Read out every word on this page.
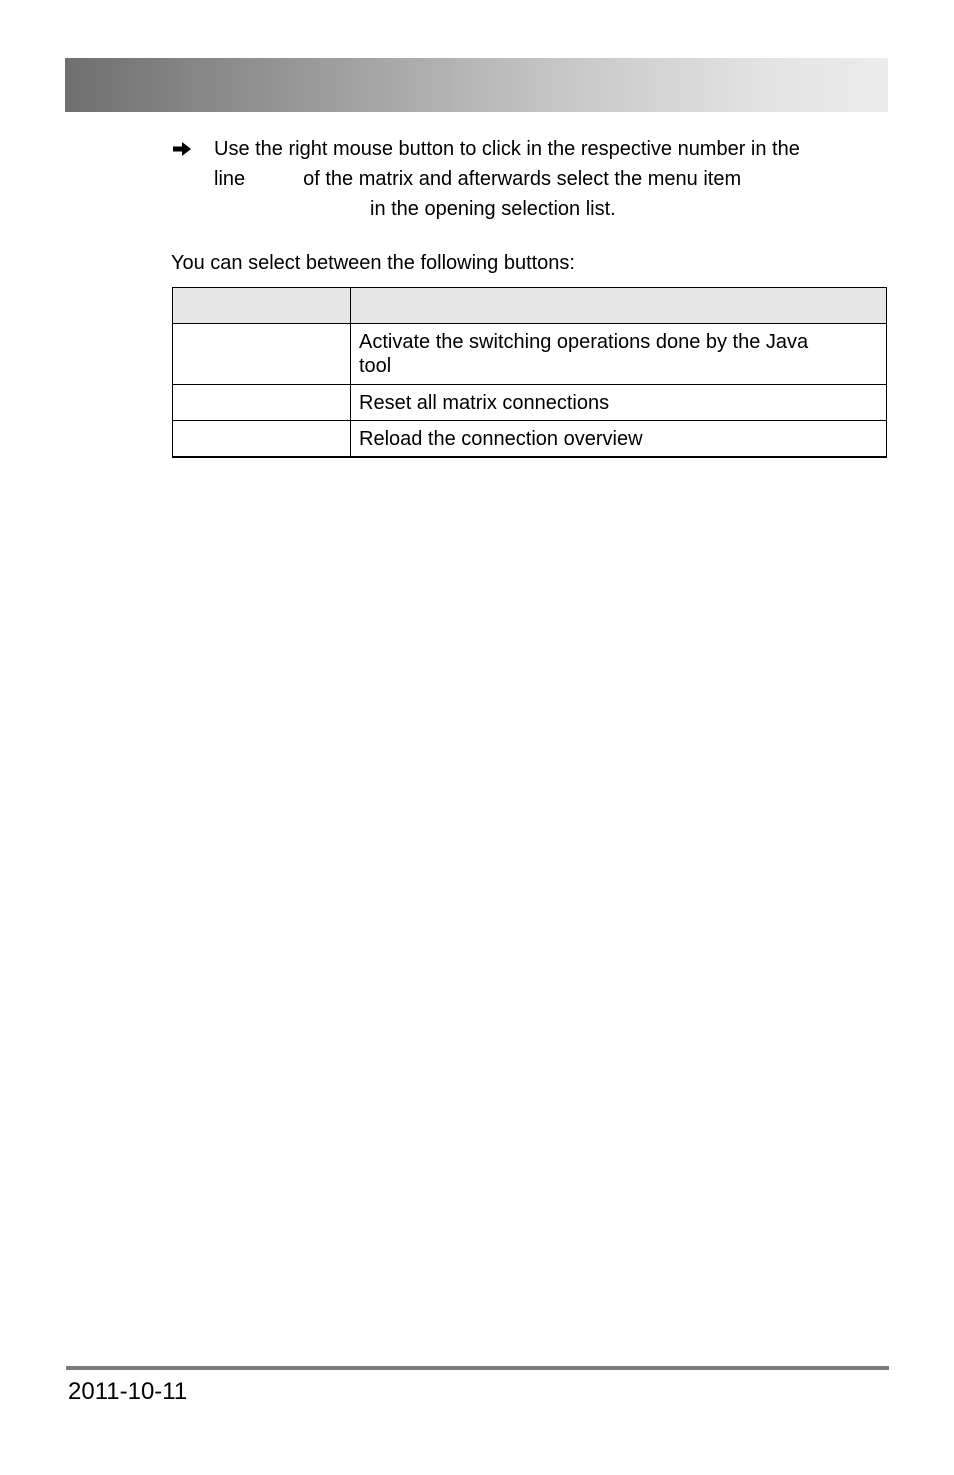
Use the right mouse button to click in the respective number in the
line	of the matrix and afterwards select the menu item
in the opening selection list.
You can select between the following buttons:

	Activate the switching operations done by the Java
tool
	Reset all matrix connections
	Reload the connection overview
2011-10-11
